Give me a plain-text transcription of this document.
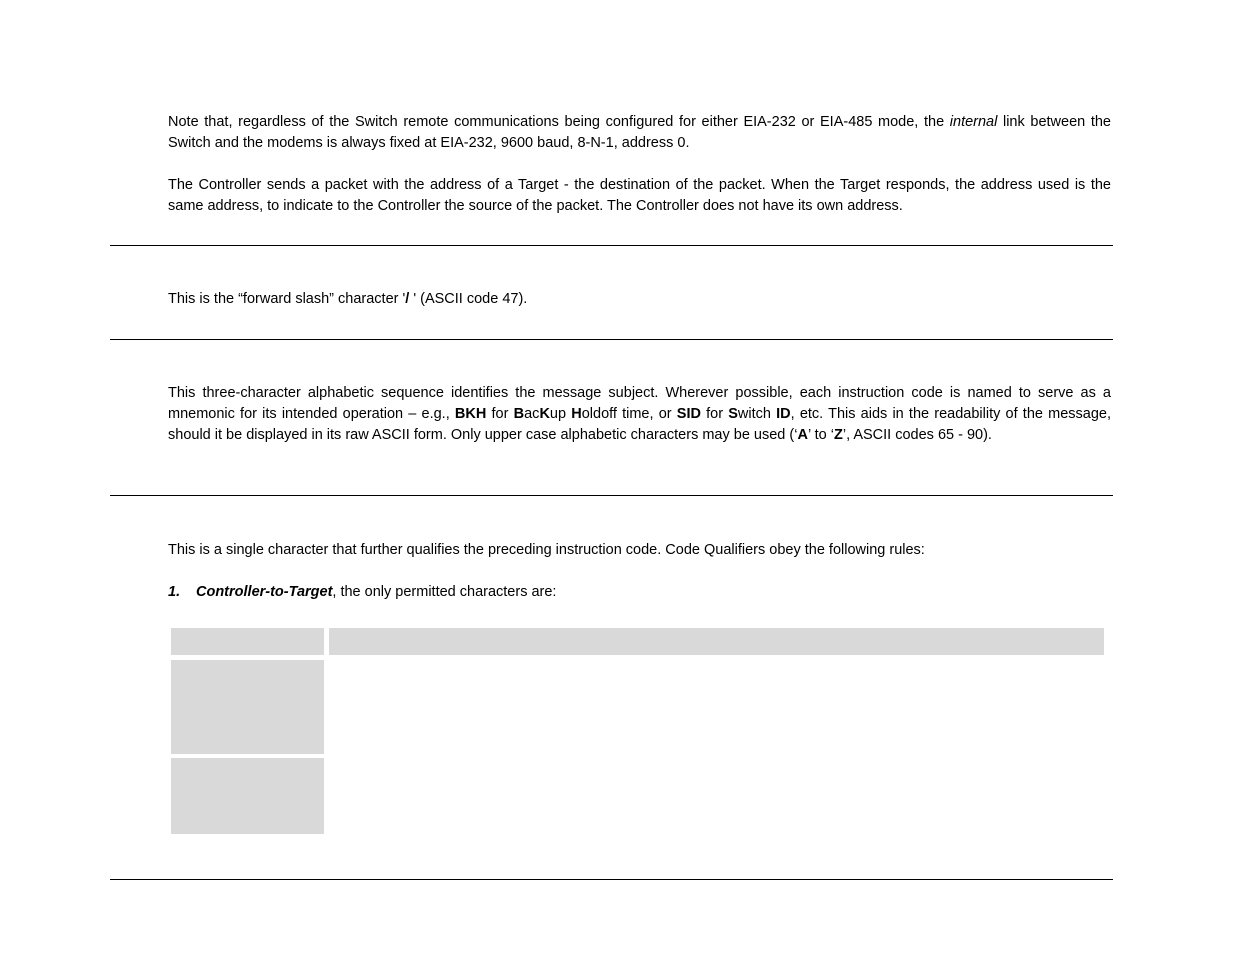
Note that, regardless of the Switch remote communications being configured for either EIA-232 or EIA-485 mode, the internal link between the Switch and the modems is always fixed at EIA-232, 9600 baud, 8-N-1, address 0.

The Controller sends a packet with the address of a Target - the destination of the packet. When the Target responds, the address used is the same address, to indicate to the Controller the source of the packet. The Controller does not have its own address.

This is the “forward slash” character '/ ' (ASCII code 47).

This three-character alphabetic sequence identifies the message subject. Wherever possible, each instruction code is named to serve as a mnemonic for its intended operation – e.g., BKH for BacKup Holdoff time, or SID for Switch ID, etc. This aids in the readability of the message, should it be displayed in its raw ASCII form. Only upper case alphabetic characters may be used (‘A’ to ‘Z’, ASCII codes 65 - 90).

This is a single character that further qualifies the preceding instruction code. Code Qualifiers obey the following rules:

1. Controller-to-Target, the only permitted characters are:
